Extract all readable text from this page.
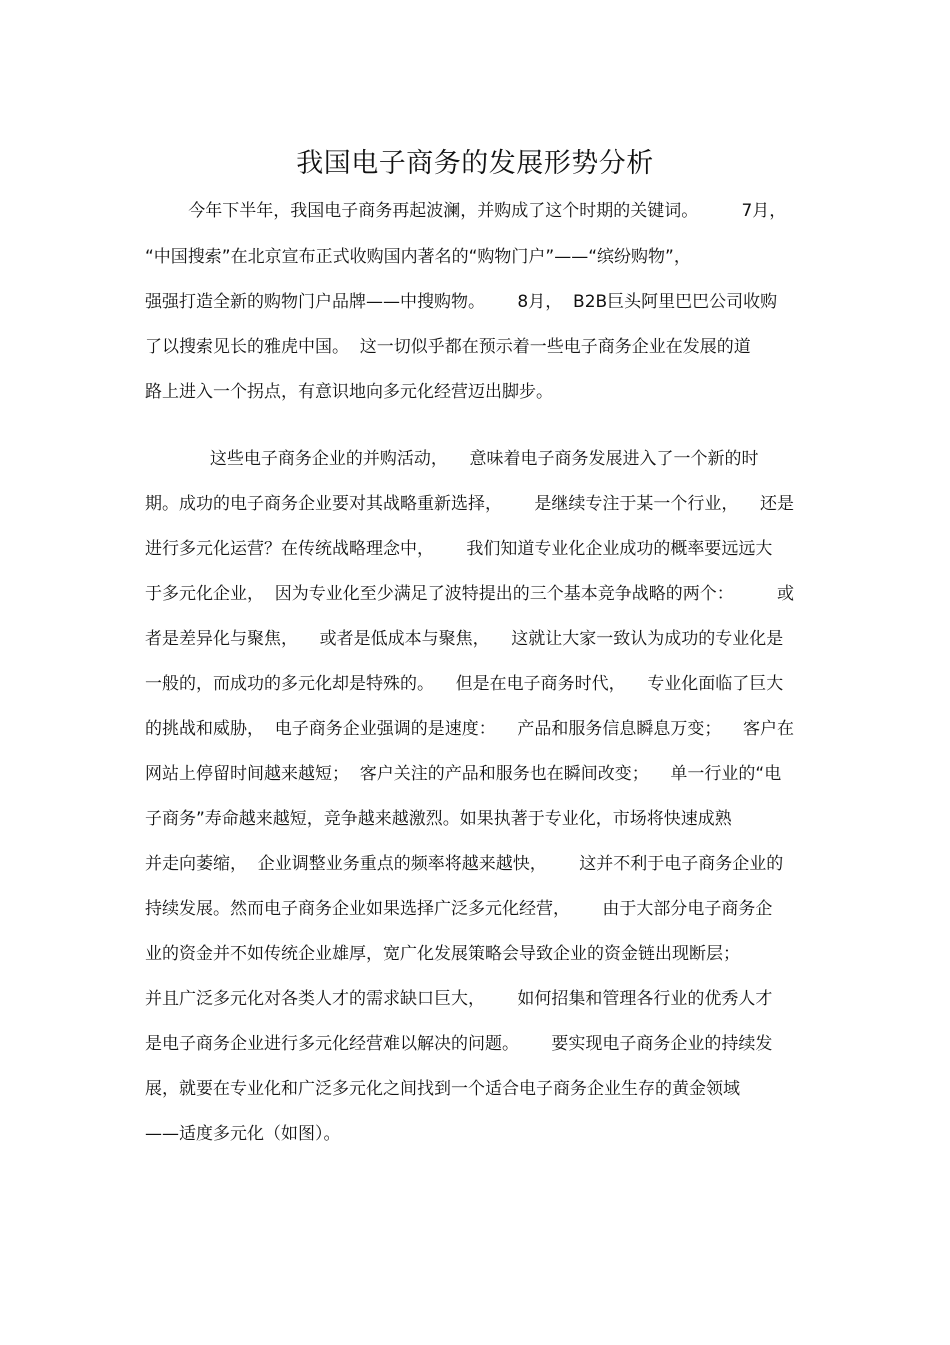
我国电子商务的发展形势分析
今年下半年，我国电子商务再起波澜，并购成了这个时期的关键词。        7月，
“中国搜索”在北京宣布正式收购国内著名的“购物门户”——“缤纷购物”，
强强打造全新的购物门户品牌——中搜购物。      8月，  B2B巨头阿里巴巴公司收购
了以搜索见长的雅虎中国。  这一切似乎都在预示着一些电子商务企业在发展的道
路上进入一个拐点，有意识地向多元化经营迈出脚步。
这些电子商务企业的并购活动，    意味着电子商务发展进入了一个新的时
期。成功的电子商务企业要对其战略重新选择，      是继续专注于某一个行业，    还是
进行多元化运营？在传统战略理念中，      我们知道专业化企业成功的概率要远远大
于多元化企业，  因为专业化至少满足了波特提出的三个基本竞争战略的两个：        或
者是差异化与聚焦，    或者是低成本与聚焦，    这就让大家一致认为成功的专业化是
一般的，而成功的多元化却是特殊的。    但是在电子商务时代，    专业化面临了巨大
的挑战和威胁，  电子商务企业强调的是速度：    产品和服务信息瞬息万变；    客户在
网站上停留时间越来越短；  客户关注的产品和服务也在瞬间改变；    单一行业的“电
子商务”寿命越来越短，竞争越来越激烈。如果执著于专业化，市场将快速成熟
并走向萎缩，  企业调整业务重点的频率将越来越快，      这并不利于电子商务企业的
持续发展。然而电子商务企业如果选择广泛多元化经营，      由于大部分电子商务企
业的资金并不如传统企业雄厚，宽广化发展策略会导致企业的资金链出现断层；
并且广泛多元化对各类人才的需求缺口巨大，      如何招集和管理各行业的优秀人才
是电子商务企业进行多元化经营难以解决的问题。      要实现电子商务企业的持续发
展，就要在专业化和广泛多元化之间找到一个适合电子商务企业生存的黄金领域
——适度多元化（如图）。
